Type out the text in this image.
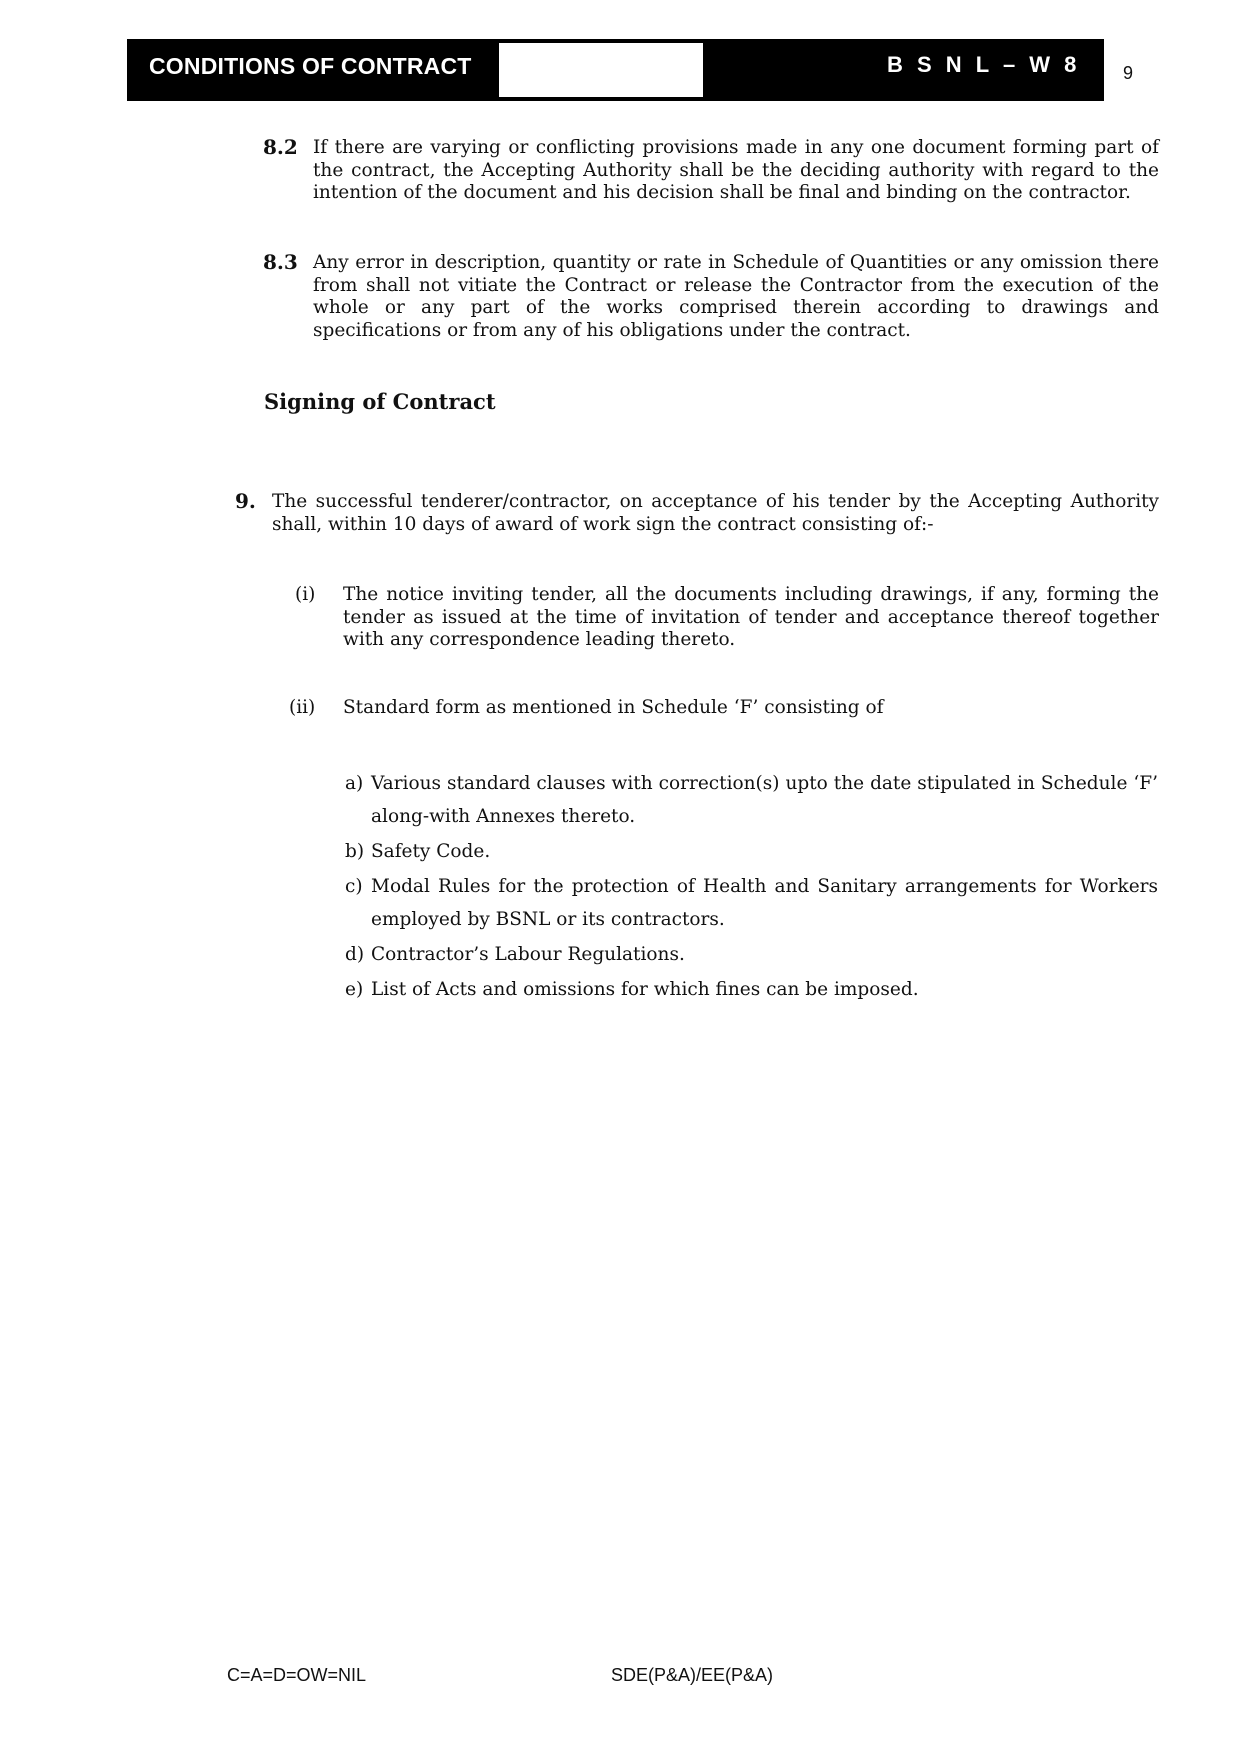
CONDITIONS OF CONTRACT	B S N L – W 8 9
8.2 If there are varying or conflicting provisions made in any one document forming part of the contract, the Accepting Authority shall be the deciding authority with regard to the intention of the document and his decision shall be final and binding on the contractor.
8.3 Any error in description, quantity or rate in Schedule of Quantities or any omission there from shall not vitiate the Contract or release the Contractor from the execution of the whole or any part of the works comprised therein according to drawings and specifications or from any of his obligations under the contract.
Signing of Contract
9. The successful tenderer/contractor, on acceptance of his tender by the Accepting Authority shall, within 10 days of award of work sign the contract consisting of:-
(i) The notice inviting tender, all the documents including drawings, if any, forming the tender as issued at the time of invitation of tender and acceptance thereof together with any correspondence leading thereto.
(ii) Standard form as mentioned in Schedule ‘F’ consisting of
a) Various standard clauses with correction(s) upto the date stipulated in Schedule ‘F’ along-with Annexes thereto.
b) Safety Code.
c) Modal Rules for the protection of Health and Sanitary arrangements for Workers employed by BSNL or its contractors.
d) Contractor’s Labour Regulations.
e) List of Acts and omissions for which fines can be imposed.
C=A=D=OW=NIL	SDE(P&A)/EE(P&A)
